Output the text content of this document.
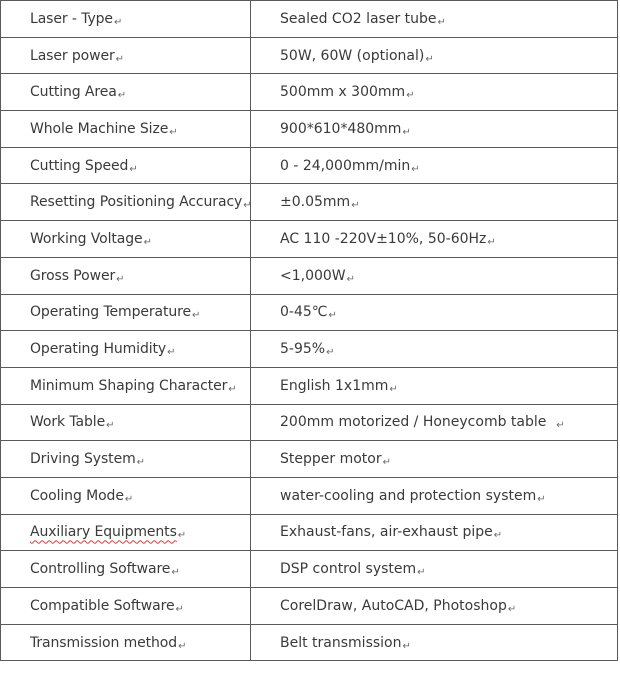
Laser - Type↵	Sealed CO2 laser tube↵
Laser power↵	50W, 60W (optional)↵
Cutting Area↵	500mm x 300mm↵
Whole Machine Size↵	900*610*480mm↵
Cutting Speed↵	0 - 24,000mm/min↵
Resetting Positioning Accuracy↵	±0.05mm↵
Working Voltage↵	AC 110 -220V±10%, 50-60Hz↵
Gross Power↵	<1,000W↵
Operating Temperature↵	0-45℃↵
Operating Humidity↵	5-95%↵
Minimum Shaping Character↵	English 1x1mm↵
Work Table↵	200mm motorized / Honeycomb table  ↵
Driving System↵	Stepper motor↵
Cooling Mode↵	water-cooling and protection system↵
Auxiliary Equipments↵	Exhaust-fans, air-exhaust pipe↵
Controlling Software↵	DSP control system↵
Compatible Software↵	CorelDraw, AutoCAD, Photoshop↵
Transmission method↵	Belt transmission↵
